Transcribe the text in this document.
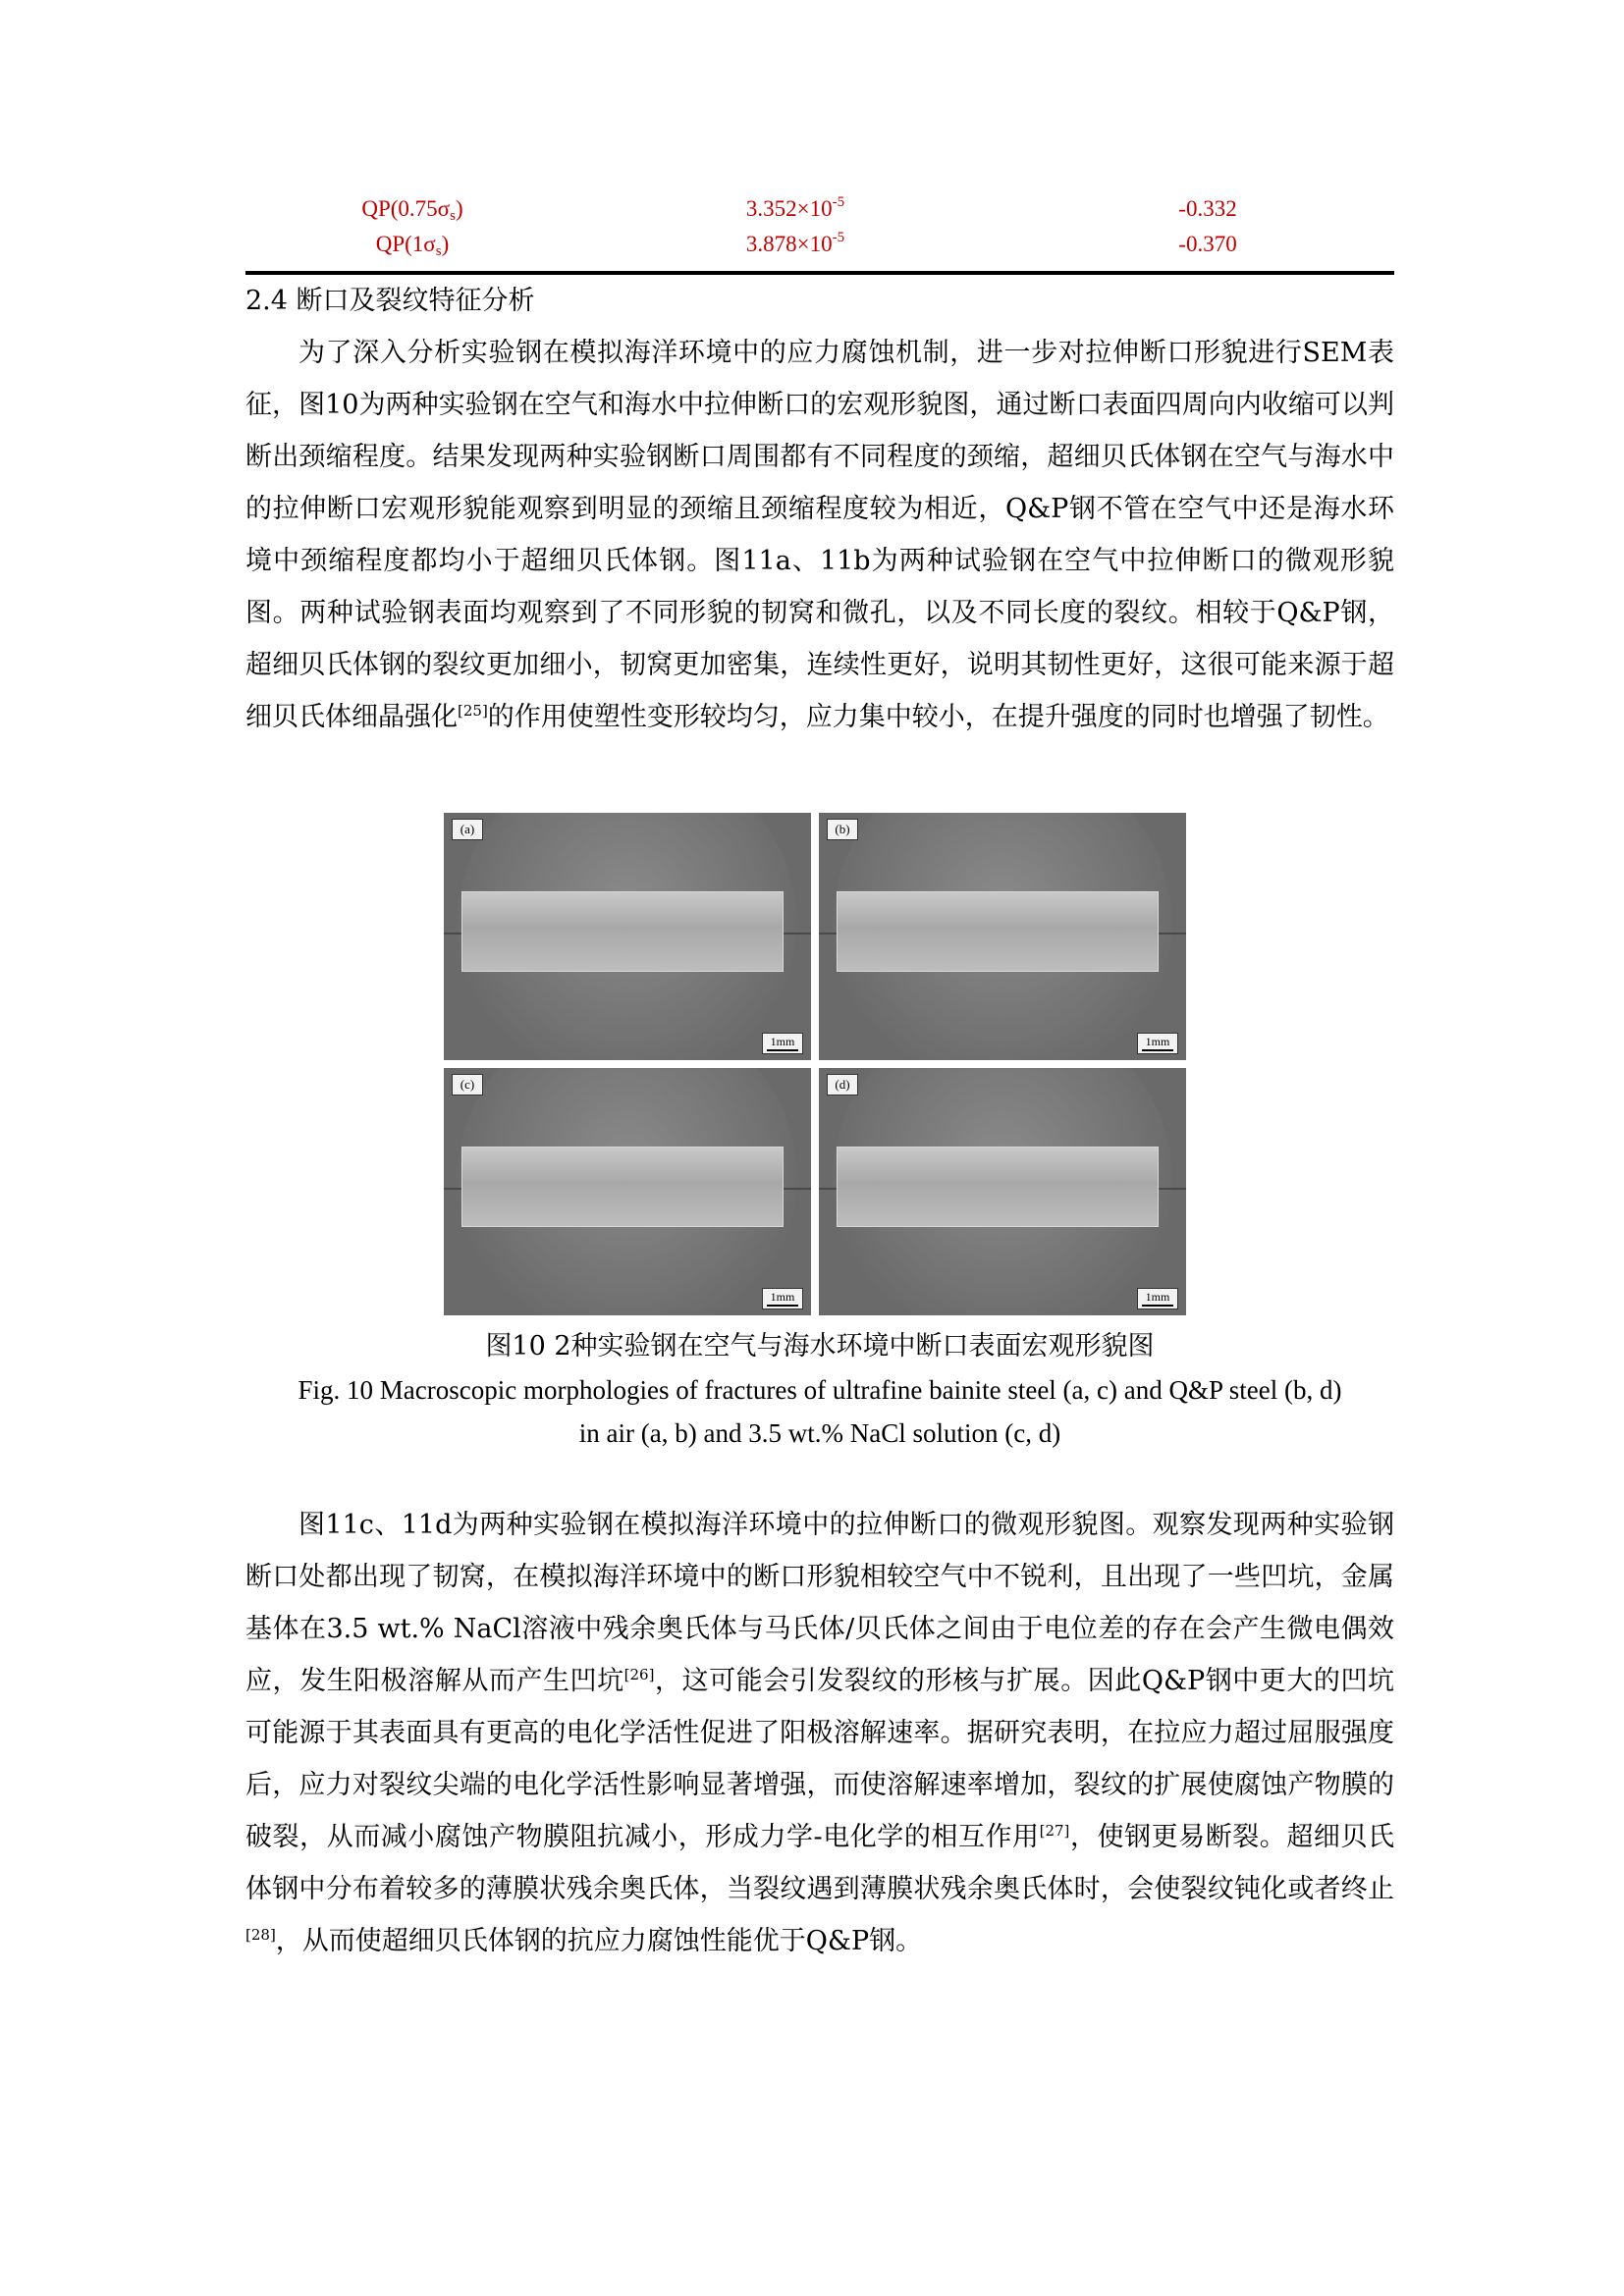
$QP(0.75\sigma_s)$	$3.352\times 10^{-5}$	-0.332
$QP(1\sigma_s)$	$3.878\times 10^{-5}$	-0.370
2.4 断口及裂纹特征分析

为了深入分析实验钢在模拟海洋环境中的应力腐蚀机制，进一步对拉伸断口形貌进行SEM表征，图10为两种实验钢在空气和海水中拉伸断口的宏观形貌图，通过断口表面四周向内收缩可以判断出颈缩程度。结果发现两种实验钢断口周围都有不同程度的颈缩，超细贝氏体钢在空气与海水中的拉伸断口宏观形貌能观察到明显的颈缩且颈缩程度较为相近，Q&P钢不管在空气中还是海水环境中颈缩程度都均小于超细贝氏体钢。图11a、11b为两种试验钢在空气中拉伸断口的微观形貌图。两种试验钢表面均观察到了不同形貌的韧窝和微孔，以及不同长度的裂纹。相较于Q&P钢，超细贝氏体钢的裂纹更加细小，韧窝更加密集，连续性更好，说明其韧性更好，这很可能来源于超细贝氏体细晶强化[25]的作用使塑性变形较均匀，应力集中较小，在提升强度的同时也增强了韧性。

(a)
1mm
(b)
1mm
(c)
1mm
(d)
1mm
图10 2种实验钢在空气与海水环境中断口表面宏观形貌图
Fig. 10 Macroscopic morphologies of fractures of ultrafine bainite steel (a, c) and Q&P steel (b, d)
in air (a, b) and 3.5 wt.% NaCl solution (c, d)

图11c、11d为两种实验钢在模拟海洋环境中的拉伸断口的微观形貌图。观察发现两种实验钢断口处都出现了韧窝，在模拟海洋环境中的断口形貌相较空气中不锐利，且出现了一些凹坑，金属基体在3.5 wt.% NaCl溶液中残余奥氏体与马氏体/贝氏体之间由于电位差的存在会产生微电偶效应，发生阳极溶解从而产生凹坑[26]，这可能会引发裂纹的形核与扩展。因此Q&P钢中更大的凹坑可能源于其表面具有更高的电化学活性促进了阳极溶解速率。据研究表明，在拉应力超过屈服强度后，应力对裂纹尖端的电化学活性影响显著增强，而使溶解速率增加，裂纹的扩展使腐蚀产物膜的破裂，从而减小腐蚀产物膜阻抗减小，形成力学-电化学的相互作用[27]，使钢更易断裂。超细贝氏体钢中分布着较多的薄膜状残余奥氏体，当裂纹遇到薄膜状残余奥氏体时，会使裂纹钝化或者终止[28]，从而使超细贝氏体钢的抗应力腐蚀性能优于Q&P钢。
